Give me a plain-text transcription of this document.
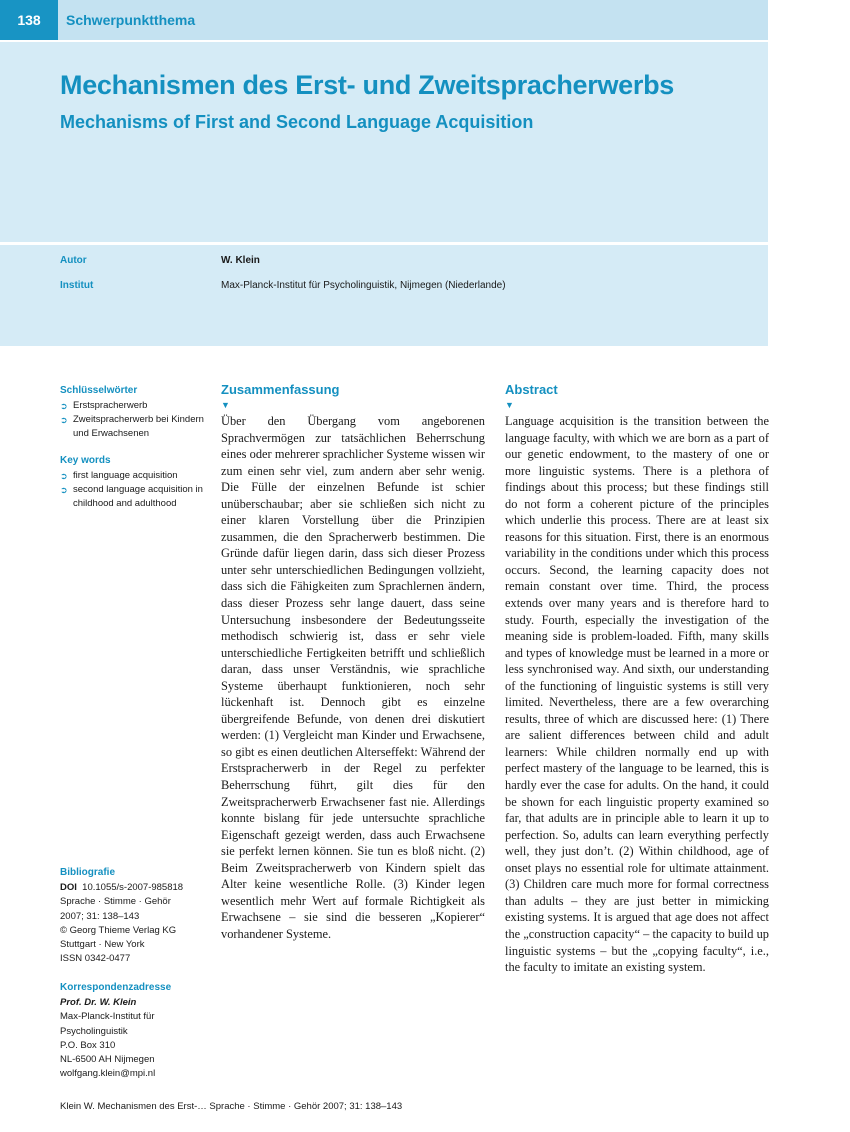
138	Schwerpunktthema
Mechanismen des Erst- und Zweitspracherwerbs
Mechanisms of First and Second Language Acquisition
Autor	W. Klein
Institut	Max-Planck-Institut für Psycholinguistik, Nijmegen (Niederlande)
Schlüsselwörter
➲ Erstspracherwerb
➲ Zweitspracherwerb bei Kindern und Erwachsenen
Key words
➲ first language acquisition
➲ second language acquisition in childhood and adulthood
Bibliografie
DOI 10.1055/s-2007-985818
Sprache · Stimme · Gehör
2007; 31: 138–143
© Georg Thieme Verlag KG
Stuttgart · New York
ISSN 0342-0477
Korrespondenzadresse
Prof. Dr. W. Klein
Max-Planck-Institut für
Psycholinguistik
P.O. Box 310
NL-6500 AH Nijmegen
wolfgang.klein@mpi.nl
Zusammenfassung
▼

Über den Übergang vom angeborenen Sprachvermögen zur tatsächlichen Beherrschung eines oder mehrerer sprachlicher Systeme wissen wir zum einen sehr viel, zum andern aber sehr wenig. Die Fülle der einzelnen Befunde ist schier unüberschaubar; aber sie schließen sich nicht zu einer klaren Vorstellung über die Prinzipien zusammen, die den Spracherwerb bestimmen. Die Gründe dafür liegen darin, dass sich dieser Prozess unter sehr unterschiedlichen Bedingungen vollzieht, dass sich die Fähigkeiten zum Sprachlernen ändern, dass dieser Prozess sehr lange dauert, dass seine Untersuchung insbesondere der Bedeutungsseite methodisch schwierig ist, dass er sehr viele unterschiedliche Fertigkeiten betrifft und schließlich daran, dass unser Verständnis, wie sprachliche Systeme überhaupt funktionieren, noch sehr lückenhaft ist. Dennoch gibt es einzelne übergreifende Befunde, von denen drei diskutiert werden: (1) Vergleicht man Kinder und Erwachsene, so gibt es einen deutlichen Alterseffekt: Während der Erstspracherwerb in der Regel zu perfekter Beherrschung führt, gilt dies für den Zweitspracherwerb Erwachsener fast nie. Allerdings konnte bislang für jede untersuchte sprachliche Eigenschaft gezeigt werden, dass auch Erwachsene sie perfekt lernen können. Sie tun es bloß nicht. (2) Beim Zweitspracherwerb von Kindern spielt das Alter keine wesentliche Rolle. (3) Kinder legen wesentlich mehr Wert auf formale Richtigkeit als Erwachsene – sie sind die besseren „Kopierer“ vorhandener Systeme.

Abstract
▼

Language acquisition is the transition between the language faculty, with which we are born as a part of our genetic endowment, to the mastery of one or more linguistic systems. There is a plethora of findings about this process; but these findings still do not form a coherent picture of the principles which underlie this process. There are at least six reasons for this situation. First, there is an enormous variability in the conditions under which this process occurs. Second, the learning capacity does not remain constant over time. Third, the process extends over many years and is therefore hard to study. Fourth, especially the investigation of the meaning side is problem-loaded. Fifth, many skills and types of knowledge must be learned in a more or less synchronised way. And sixth, our understanding of the functioning of linguistic systems is still very limited. Nevertheless, there are a few overarching results, three of which are discussed here: (1) There are salient differences between child and adult learners: While children normally end up with perfect mastery of the language to be learned, this is hardly ever the case for adults. On the hand, it could be shown for each linguistic property examined so far, that adults are in principle able to learn it up to perfection. So, adults can learn everything perfectly well, they just don’t. (2) Within childhood, age of onset plays no essential role for ultimate attainment. (3) Children care much more for formal correctness than adults – they are just better in mimicking existing systems. It is argued that age does not affect the „construction capacity“ – the capacity to build up linguistic systems – but the „copying faculty“, i.e., the faculty to imitate an existing system.

Klein W. Mechanismen des Erst-… Sprache · Stimme · Gehör 2007; 31: 138–143
